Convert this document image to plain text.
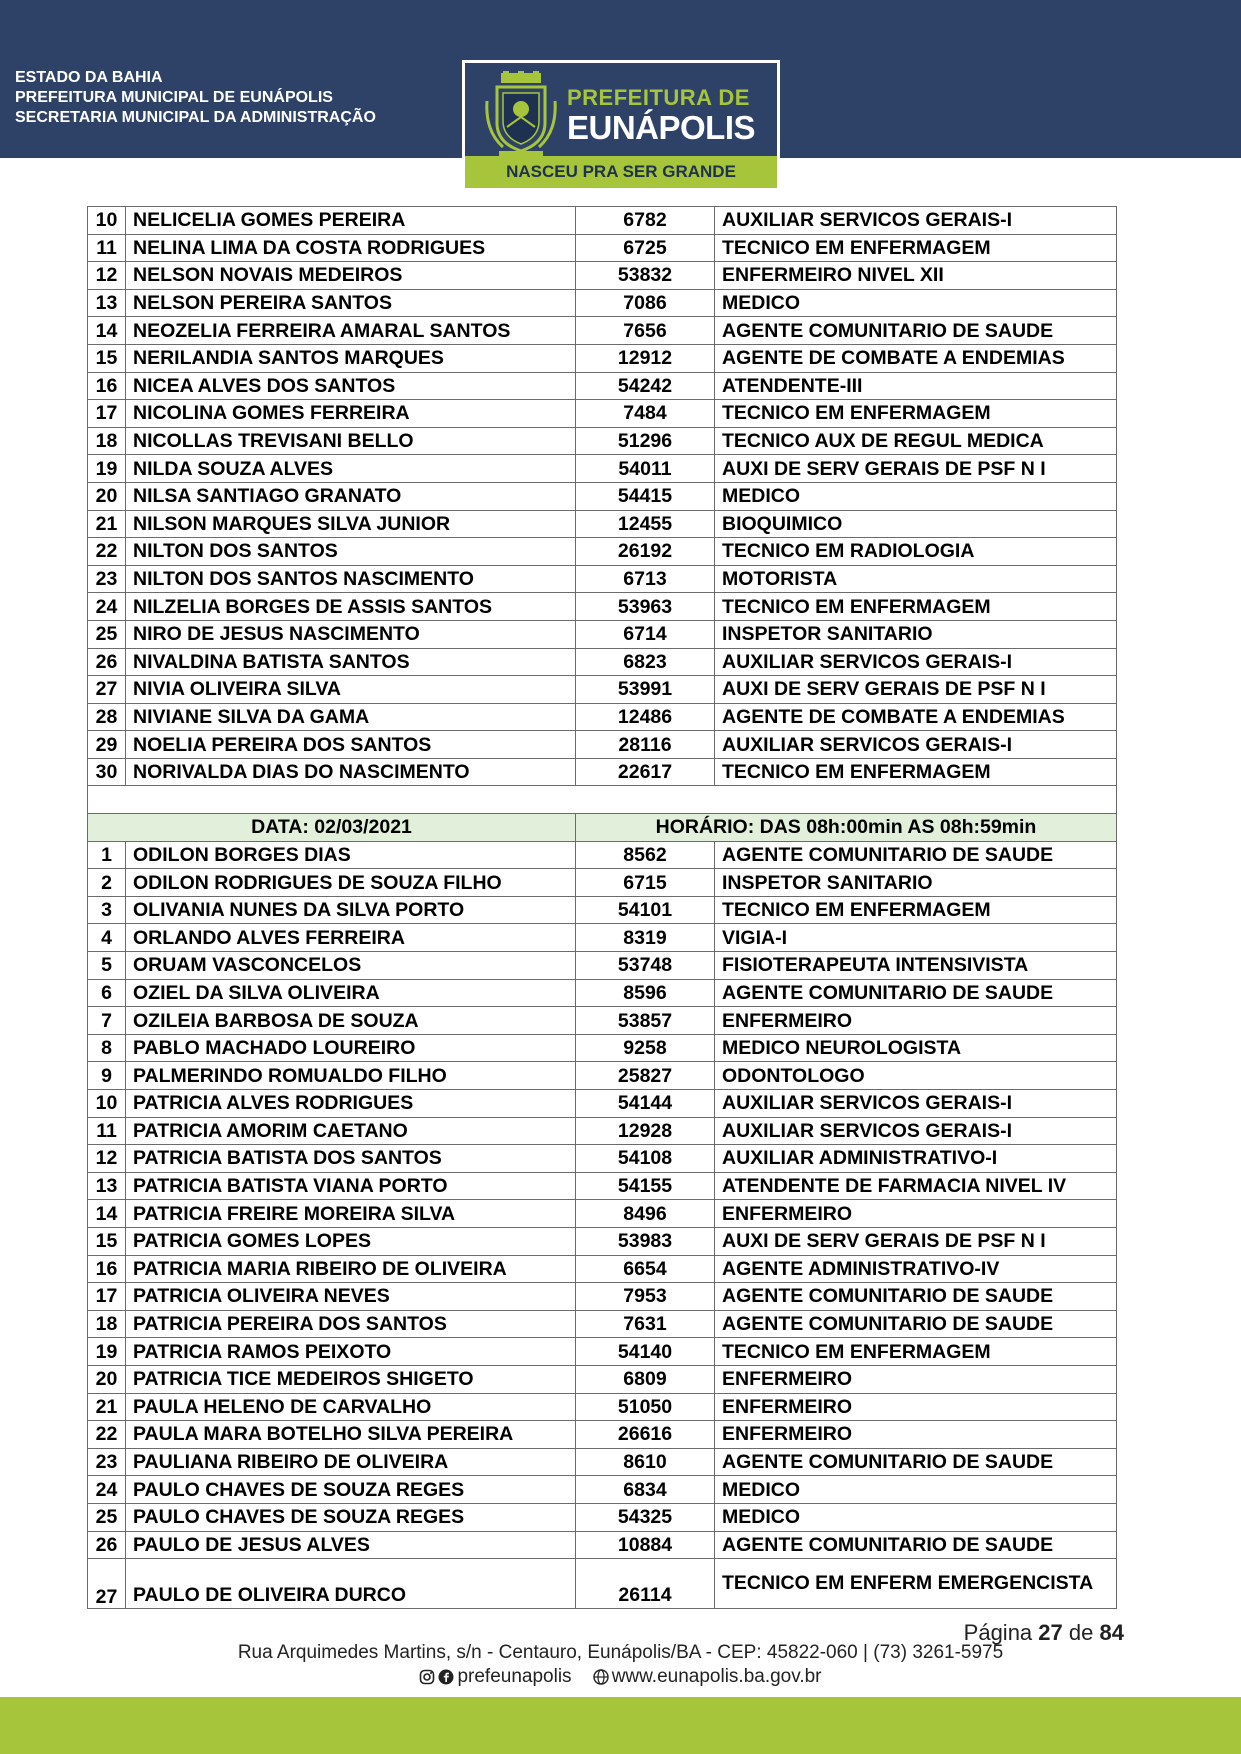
ESTADO DA BAHIA
PREFEITURA MUNICIPAL DE EUNÁPOLIS
SECRETARIA MUNICIPAL DA ADMINISTRAÇÃO
PREFEITURA DE
EUNÁPOLIS
NASCEU PRA SER GRANDE
10	NELICELIA GOMES PEREIRA	6782	AUXILIAR SERVICOS GERAIS-I
11	NELINA LIMA DA COSTA RODRIGUES	6725	TECNICO EM ENFERMAGEM
12	NELSON NOVAIS MEDEIROS	53832	ENFERMEIRO NIVEL XII
13	NELSON PEREIRA SANTOS	7086	MEDICO
14	NEOZELIA FERREIRA AMARAL SANTOS	7656	AGENTE COMUNITARIO DE SAUDE
15	NERILANDIA SANTOS MARQUES	12912	AGENTE DE COMBATE A ENDEMIAS
16	NICEA ALVES DOS SANTOS	54242	ATENDENTE-III
17	NICOLINA GOMES FERREIRA	7484	TECNICO EM ENFERMAGEM
18	NICOLLAS TREVISANI BELLO	51296	TECNICO AUX DE REGUL MEDICA
19	NILDA SOUZA ALVES	54011	AUXI DE SERV GERAIS DE PSF N I
20	NILSA SANTIAGO GRANATO	54415	MEDICO
21	NILSON MARQUES SILVA JUNIOR	12455	BIOQUIMICO
22	NILTON DOS SANTOS	26192	TECNICO EM RADIOLOGIA
23	NILTON DOS SANTOS NASCIMENTO	6713	MOTORISTA
24	NILZELIA BORGES DE ASSIS SANTOS	53963	TECNICO EM ENFERMAGEM
25	NIRO DE JESUS NASCIMENTO	6714	INSPETOR SANITARIO
26	NIVALDINA BATISTA SANTOS	6823	AUXILIAR SERVICOS GERAIS-I
27	NIVIA OLIVEIRA SILVA	53991	AUXI DE SERV GERAIS DE PSF N I
28	NIVIANE SILVA DA GAMA	12486	AGENTE DE COMBATE A ENDEMIAS
29	NOELIA PEREIRA DOS SANTOS	28116	AUXILIAR SERVICOS GERAIS-I
30	NORIVALDA DIAS DO NASCIMENTO	22617	TECNICO EM ENFERMAGEM

DATA: 02/03/2021		HORÁRIO: DAS 08h:00min AS 08h:59min	
1	ODILON BORGES DIAS	8562	AGENTE COMUNITARIO DE SAUDE
2	ODILON RODRIGUES DE SOUZA FILHO	6715	INSPETOR SANITARIO
3	OLIVANIA NUNES DA SILVA PORTO	54101	TECNICO EM ENFERMAGEM
4	ORLANDO ALVES FERREIRA	8319	VIGIA-I
5	ORUAM VASCONCELOS	53748	FISIOTERAPEUTA INTENSIVISTA
6	OZIEL DA SILVA OLIVEIRA	8596	AGENTE COMUNITARIO DE SAUDE
7	OZILEIA BARBOSA DE SOUZA	53857	ENFERMEIRO
8	PABLO MACHADO LOUREIRO	9258	MEDICO NEUROLOGISTA
9	PALMERINDO ROMUALDO FILHO	25827	ODONTOLOGO
10	PATRICIA ALVES RODRIGUES	54144	AUXILIAR SERVICOS GERAIS-I
11	PATRICIA AMORIM CAETANO	12928	AUXILIAR SERVICOS GERAIS-I
12	PATRICIA BATISTA DOS SANTOS	54108	AUXILIAR ADMINISTRATIVO-I
13	PATRICIA BATISTA VIANA PORTO	54155	ATENDENTE DE FARMACIA NIVEL IV
14	PATRICIA FREIRE MOREIRA SILVA	8496	ENFERMEIRO
15	PATRICIA GOMES LOPES	53983	AUXI DE SERV GERAIS DE PSF N I
16	PATRICIA MARIA RIBEIRO DE OLIVEIRA	6654	AGENTE ADMINISTRATIVO-IV
17	PATRICIA OLIVEIRA NEVES	7953	AGENTE COMUNITARIO DE SAUDE
18	PATRICIA PEREIRA DOS SANTOS	7631	AGENTE COMUNITARIO DE SAUDE
19	PATRICIA RAMOS PEIXOTO	54140	TECNICO EM ENFERMAGEM
20	PATRICIA TICE MEDEIROS SHIGETO	6809	ENFERMEIRO
21	PAULA HELENO DE CARVALHO	51050	ENFERMEIRO
22	PAULA MARA BOTELHO SILVA PEREIRA	26616	ENFERMEIRO
23	PAULIANA RIBEIRO DE OLIVEIRA	8610	AGENTE COMUNITARIO DE SAUDE
24	PAULO CHAVES DE SOUZA REGES	6834	MEDICO
25	PAULO CHAVES DE SOUZA REGES	54325	MEDICO
26	PAULO DE JESUS ALVES	10884	AGENTE COMUNITARIO DE SAUDE
27	PAULO DE OLIVEIRA DURCO	26114	TECNICO EM ENFERM EMERGENCISTA
Página 27 de 84
Rua Arquimedes Martins, s/n - Centauro, Eunápolis/BA - CEP: 45822-060 | (73) 3261-5975
prefeunapolis www.eunapolis.ba.gov.br
